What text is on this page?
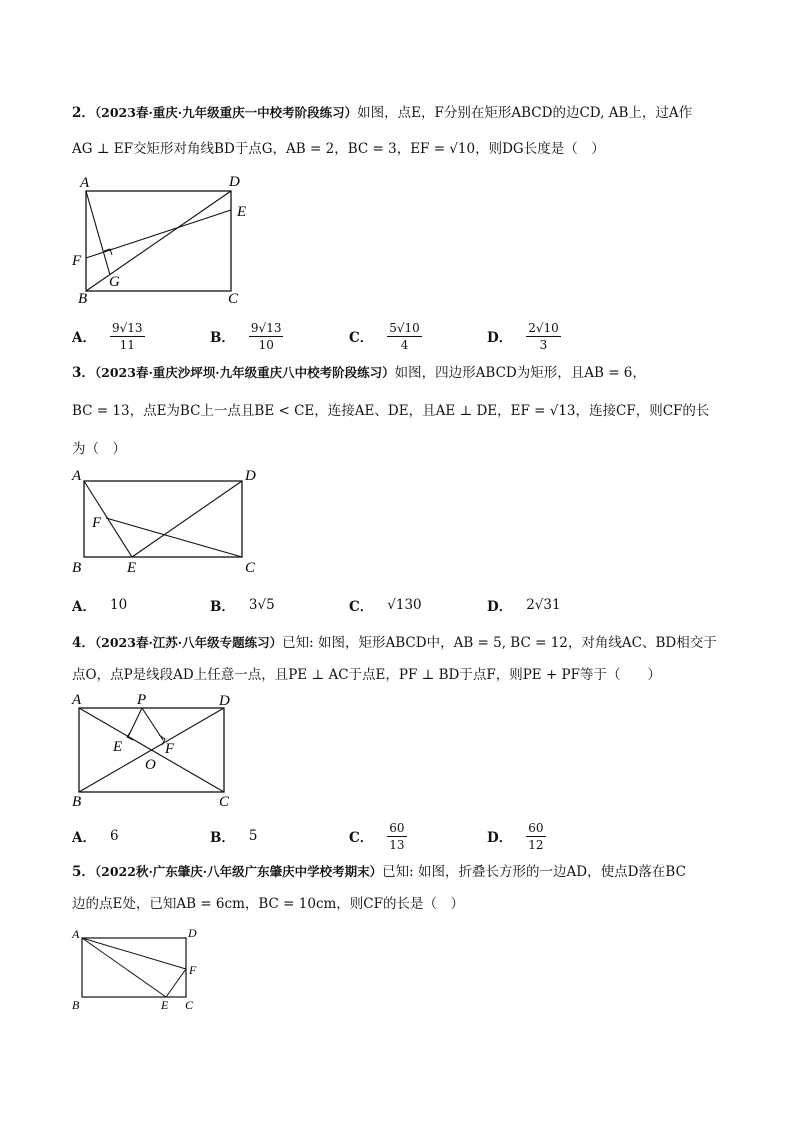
2．（2023春·重庆·九年级重庆一中校考阶段练习）如图，点E，F分别在矩形ABCD的边CD, AB上，过A作
AG ⊥ EF交矩形对角线BD于点G，AB = 2，BC = 3，EF = √10，则DG长度是（　）
A	D
E
F
G
B	C
A． $\frac{9√13}{11}$	B． $\frac{9√13}{10}$	C． $\frac{5√10}{4}$	D． $\frac{2√10}{3}$
3．（2023春·重庆沙坪坝·九年级重庆八中校考阶段练习）如图，四边形ABCD为矩形，且AB = 6，
BC = 13，点E为BC上一点且BE < CE，连接AE、DE，且AE ⊥ DE，EF = √13，连接CF，则CF的长
为（　）
A	D
F
B	E	C
A． 10	B． 3√5	C． √130	D． 2√31
4．（2023春·江苏·八年级专题练习）已知: 如图，矩形ABCD中，AB = 5, BC = 12，对角线AC、BD相交于
点O，点P是线段AD上任意一点，且PE ⊥ AC于点E，PF ⊥ BD于点F，则PE + PF等于（　　）
A	P	D
E	F
O
B	C
A． 6	B． 5	C． $\frac{60}{13}$	D． $\frac{60}{12}$
5．（2022秋·广东肇庆·八年级广东肇庆中学校考期末）已知: 如图，折叠长方形的一边AD，使点D落在BC
边的点E处，已知AB = 6cm，BC = 10cm，则CF的长是（　）
A	D
F
B	E C
